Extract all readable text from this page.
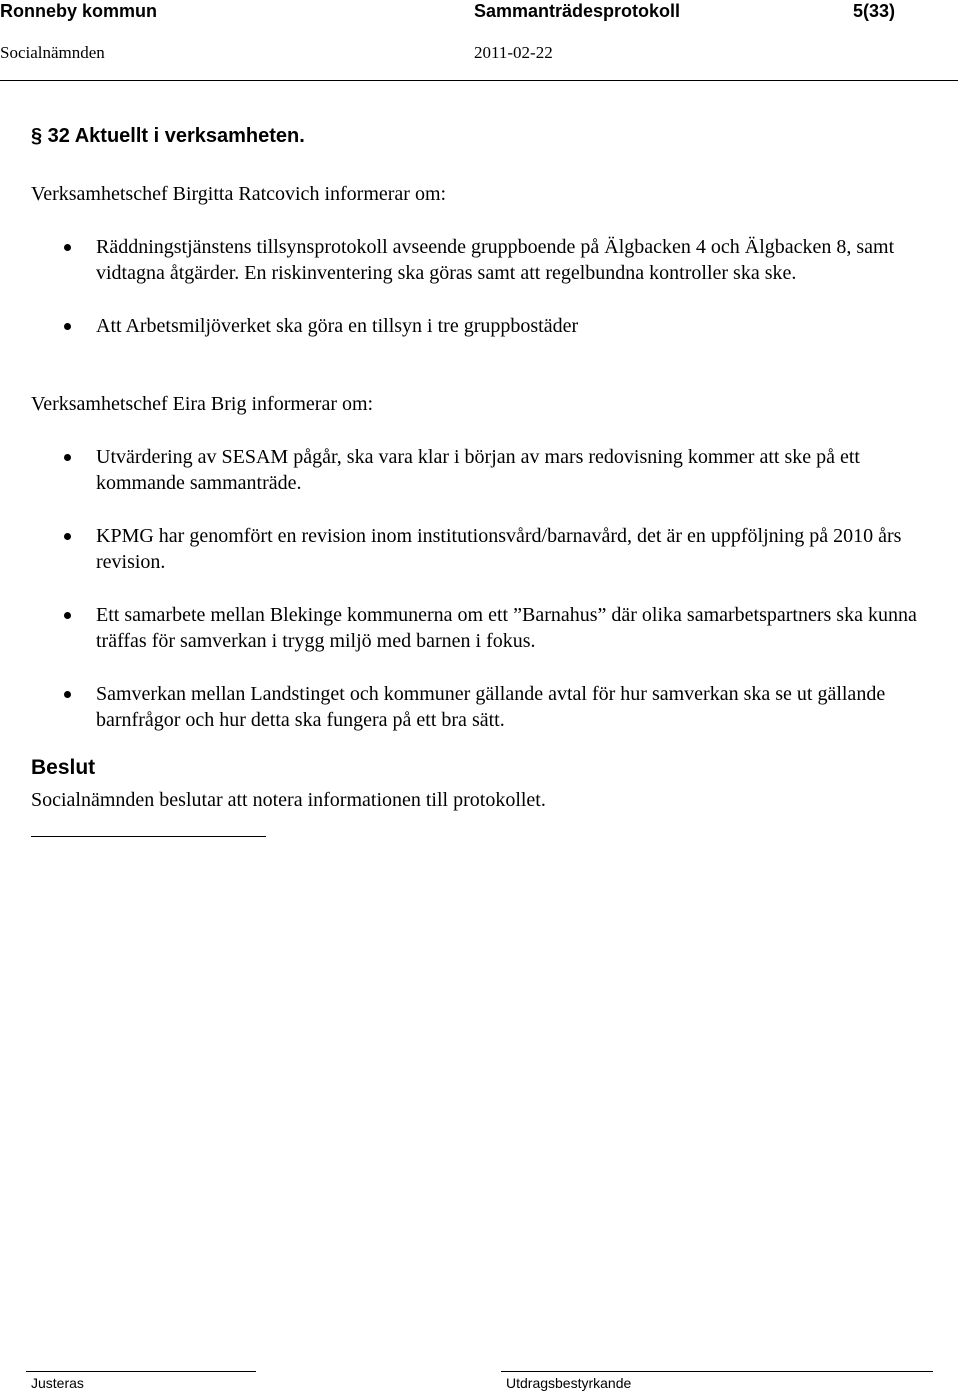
Ronneby kommun	Sammanträdesprotokoll	5(33)
Socialnämnden	2011-02-22
§ 32 Aktuellt i verksamheten.
Verksamhetschef Birgitta Ratcovich informerar om:
Räddningstjänstens tillsynsprotokoll avseende gruppboende på Älgbacken 4 och Älgbacken 8, samt vidtagna åtgärder. En riskinventering ska göras samt att regelbundna kontroller ska ske.
Att Arbetsmiljöverket ska göra en tillsyn i tre gruppbostäder
Verksamhetschef Eira Brig informerar om:
Utvärdering av SESAM pågår, ska vara klar i början av mars redovisning kommer att ske på ett kommande sammanträde.
KPMG har genomfört en revision inom institutionsvård/barnavård, det är en uppföljning på 2010 års revision.
Ett samarbete mellan Blekinge kommunerna om ett ”Barnahus” där olika samarbetspartners ska kunna träffas för samverkan i trygg miljö med barnen i fokus.
Samverkan mellan Landstinget och kommuner gällande avtal för hur samverkan ska se ut gällande barnfrågor och hur detta ska fungera på ett bra sätt.
Beslut
Socialnämnden beslutar att notera informationen till protokollet.
Justeras	Utdragsbestyrkande
